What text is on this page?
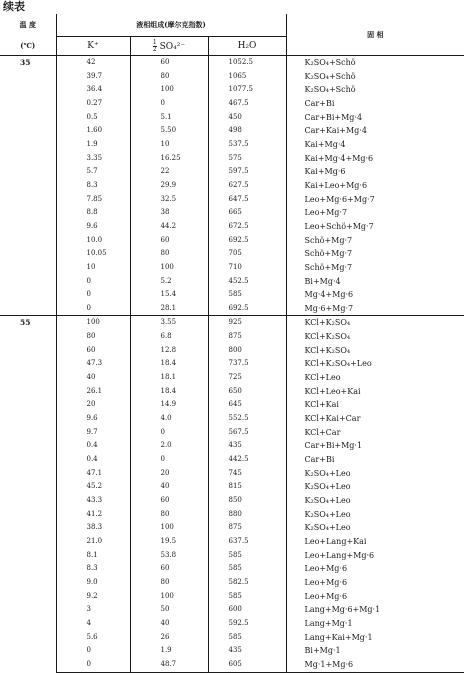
续表
温 度	液相组成(摩尔克指数)			固 相
(℃)	K⁺	$\frac{1}{2} SO_4^{2-}$	H₂O	
35	42	60	1052.5	K₂SO₄+Schö
	39.7	80	1065	K₂SO₄+Schö
	36.4	100	1077.5	K₂SO₄+Schö
	0.27	0	467.5	Car+Bi
	0.5	5.1	450	Car+Bi+Mg·4
	1.60	5.50	498	Car+Kai+Mg·4
	1.9	10	537.5	Kai+Mg·4
	3.35	16.25	575	Kai+Mg·4+Mg·6
	5.7	22	597.5	Kai+Mg·6
	8.3	29.9	627.5	Kai+Leo+Mg·6
	7.85	32.5	647.5	Leo+Mg·6+Mg·7
	8.8	38	665	Leo+Mg·7
	9.6	44.2	672.5	Leo+Schö+Mg·7
	10.0	60	692.5	Schö+Mg·7
	10.05	80	705	Schö+Mg·7
	10	100	710	Schö+Mg·7
	0	5.2	452.5	Bi+Mg·4
	0	15.4	585	Mg·4+Mg·6
	0	28.1	692.5	Mg·6+Mg·7
55	100	3.55	925	KCl+K₂SO₄
	80	6.8	875	KCl+K₂SO₄
	60	12.8	800	KCl+K₂SO₄
	47.3	18.4	737.5	KCl+K₂SO₄+Leo
	40	18.1	725	KCl+Leo
	26.1	18.4	650	KCl+Leo+Kai
	20	14.9	645	KCl+Kai
	9.6	4.0	552.5	KCl+Kai+Car
	9.7	0	567.5	KCl+Car
	0.4	2.0	435	Car+Bi+Mg·1
	0.4	0	442.5	Car+Bi
	47.1	20	745	K₂SO₄+Leo
	45.2	40	815	K₂SO₄+Leo
	43.3	60	850	K₂SO₄+Leo
	41.2	80	880	K₂SO₄+Leo
	38.3	100	875	K₂SO₄+Leo
	21.0	19.5	637.5	Leo+Lang+Kai
	8.1	53.8	585	Leo+Lang+Mg·6
	8.3	60	585	Leo+Mg·6
	9.0	80	582.5	Leo+Mg·6
	9.2	100	585	Leo+Mg·6
	3	50	600	Lang+Mg·6+Mg·1
	4	40	592.5	Lang+Mg·1
	5.6	26	585	Lang+Kai+Mg·1
	0	1.9	435	Bi+Mg·1
	0	48.7	605	Mg·1+Mg·6
